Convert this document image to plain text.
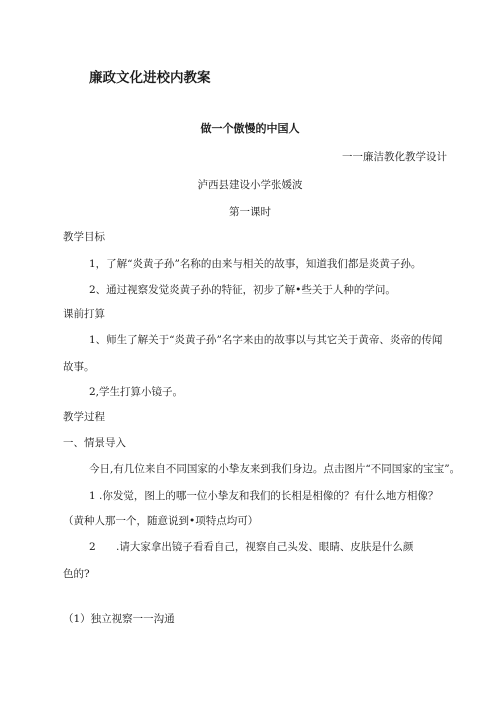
廉政文化进校内教案
做一个傲慢的中国人
一一廉洁教化教学设计
泸西县建设小学张媛波
第一课时
教学目标
1，了解“炎黄子孙”名称的由来与相关的故事，知道我们都是炎黄子孙。
2、通过视察发觉炎黄子孙的特征，初步了解•些关于人种的学问。
课前打算
1、师生了解关于“炎黄子孙”名字来由的故事以与其它关于黄帝、炎帝的传闻
故事。
2,学生打算小镜子。
教学过程
一、情景导入
今日,有几位来自不同国家的小挚友来到我们身边。点击图片“不同国家的宝宝”。
1 .你发觉，图上的哪一位小挚友和我们的长相是相像的？有什么地方相像？
（黄种人那一个，随意说到•项特点均可）
2 .请大家拿出镜子看看自己，视察自己头发、眼睛、皮肤是什么颜
色的?
（1）独立视察一一沟通
